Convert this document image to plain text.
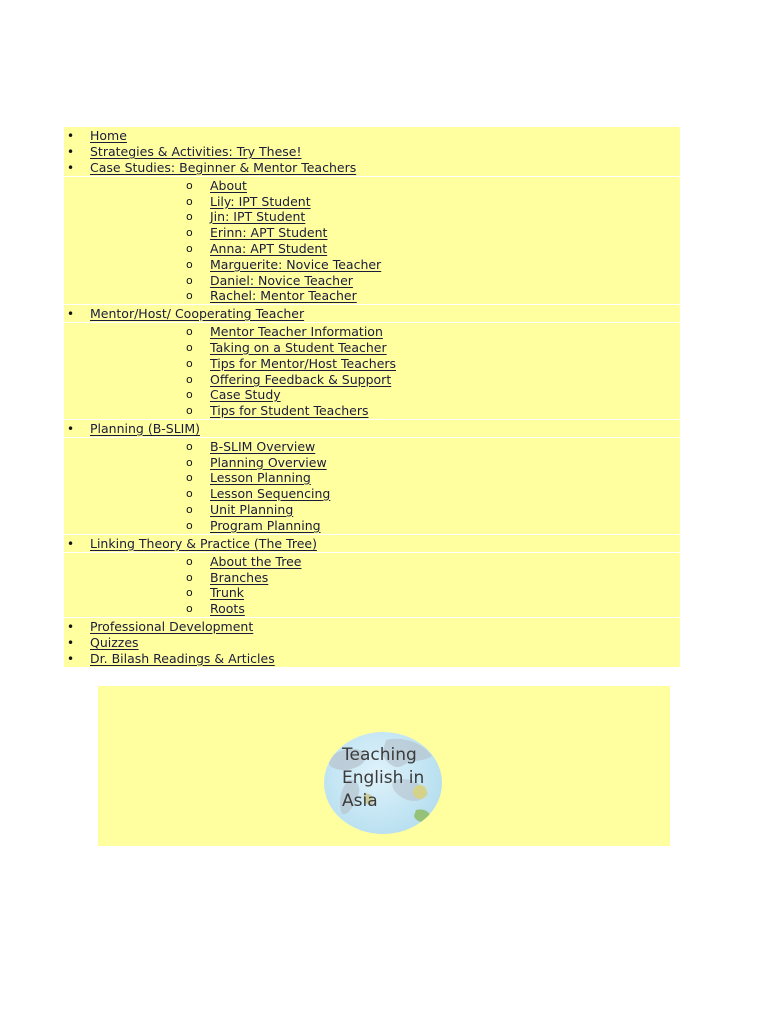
• Home
• Strategies & Activities: Try These!
• Case Studies: Beginner & Mentor Teachers
o About
o Lily: IPT Student
o Jin: IPT Student
o Erinn: APT Student
o Anna: APT Student
o Marguerite: Novice Teacher
o Daniel: Novice Teacher
o Rachel: Mentor Teacher
• Mentor/Host/ Cooperating Teacher
o Mentor Teacher Information
o Taking on a Student Teacher
o Tips for Mentor/Host Teachers
o Offering Feedback & Support
o Case Study
o Tips for Student Teachers
• Planning (B-SLIM)
o B-SLIM Overview
o Planning Overview
o Lesson Planning
o Lesson Sequencing
o Unit Planning
o Program Planning
• Linking Theory & Practice (The Tree)
o About the Tree
o Branches
o Trunk
o Roots
• Professional Development
• Quizzes
• Dr. Bilash Readings & Articles
Teaching
English in
Asia
